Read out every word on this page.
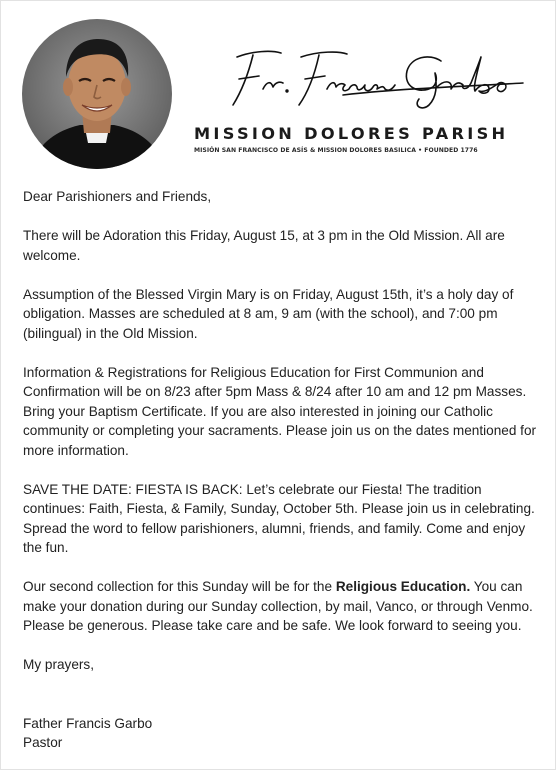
MISSION DOLORES PARISH
MISIÓN SAN FRANCISCO DE ASÍS & MISSION DOLORES BASILICA • FOUNDED 1776

Dear Parishioners and Friends,

There will be Adoration this Friday, August 15, at 3 pm in the Old Mission. All are welcome.

Assumption of the Blessed Virgin Mary is on Friday, August 15th, it’s a holy day of obligation. Masses are scheduled at 8 am, 9 am (with the school), and 7:00 pm (bilingual) in the Old Mission.

Information & Registrations for Religious Education for First Communion and Confirmation will be on 8/23 after 5pm Mass & 8/24 after 10 am and 12 pm Masses. Bring your Baptism Certificate. If you are also interested in joining our Catholic community or completing your sacraments. Please join us on the dates mentioned for more information.

SAVE THE DATE: FIESTA IS BACK: Let’s celebrate our Fiesta! The tradition continues: Faith, Fiesta, & Family, Sunday, October 5th. Please join us in celebrating. Spread the word to fellow parishioners, alumni, friends, and family. Come and enjoy the fun.

Our second collection for this Sunday will be for the Religious Education. You can make your donation during our Sunday collection, by mail, Vanco, or through Venmo. Please be generous. Please take care and be safe. We look forward to seeing you.

My prayers,

Father Francis Garbo

Pastor
